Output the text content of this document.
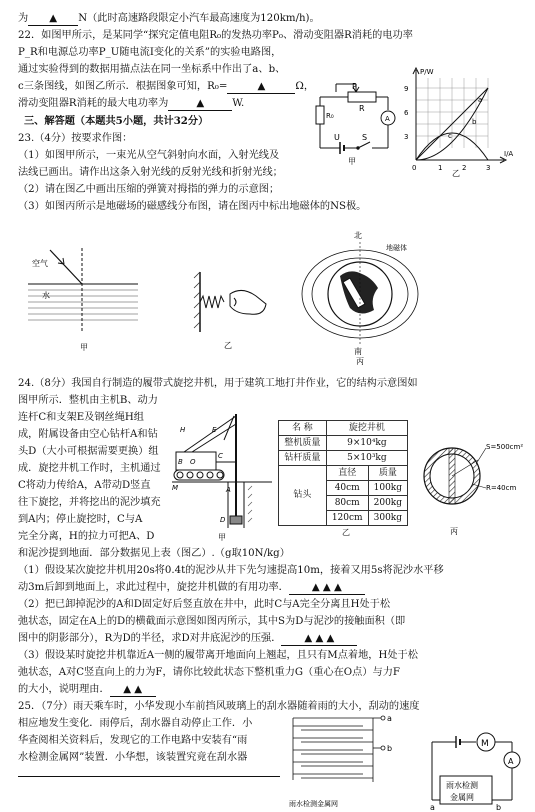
为 ▲ N（此时高速路段限定小汽车最高速度为120km/h)。
22．如图甲所示，是某同学“探究定值电阻R₀的发热功率P₀、滑动变阻器R消耗的电功率
P_R和电源总功率P_U随电流I变化的关系”的实验电路图，
通过实验得到的数据用描点法在同一坐标系中作出了a、b、
c三条图线，如图乙所示．根据图象可知，R₀=	▲	Ω，
滑动变阻器R消耗的最大电功率为	▲	W.
三、解答题（本题共5小题，共计32分）
23.（4分）按要求作图：
（1）如图甲所示，一束光从空气斜射向水面，入射光线及
法线已画出。请作出这条入射光线的反射光线和折射光线；
（2）请在图乙中画出压缩的弹簧对拇指的弹力的示意图；
（3）如图丙所示是地磁场的磁感线分布图，请在图丙中标出地磁体的NS极。
24.（8分）我国自行制造的履带式旋挖井机，用于建筑工地打井作业，它的结构示意图如
图甲所示．整机由主机B、动力
连杆C和支架E及钢丝绳H组
成，附属设备由空心钻杆A和钻
头D（大小可根据需要更换）组
成．旋挖井机工作时，主机通过
C将动力传给A，A带动D竖直
往下旋挖，并将挖出的泥沙填充
到A内；停止旋挖时，C与A
完全分离，H的拉力可把A、D
和泥沙提到地面．部分数据见上表（图乙）.（g取10N/kg）
（1）假设某次旋挖井机用20s将0.4t的泥沙从井下先匀速提高10m，接着又用5s将泥沙水平移
动3m后卸到地面上，求此过程中，旋挖井机做的有用功率． ▲ ▲ ▲
（2）把已卸掉泥沙的A和D固定好后竖直放在井中，此时C与A完全分离且H处于松
弛状态，固定在A上的D的横截面示意图如图丙所示，其中S为D与泥沙的接触面积（即
图中的阴影部分），R为D的半径，求D对井底泥沙的压强． ▲ ▲ ▲
（3）假设某时旋挖井机靠近A一侧的履带离开地面向上翘起，且只有M点着地，H处于松
弛状态，A对C竖直向上的力为F，请你比较此状态下整机重力G（重心在O点）与力F
的大小，说明理由． ▲ ▲
25．（7分）雨天乘车时，小华发现小车前挡风玻璃上的刮水器随着雨的大小，刮动的速度
相应地发生变化．雨停后，刮水器自动停止工作．小
华查阅相关资料后，发现它的工作电路中安装有“雨
水检测金属网”装置．小华想，该装置究竟在刮水器
P
R
R₀	A
U	S
甲
P/W
I/A
9
6
3
0	1	2	3
a
b
c
乙
空气
水
甲	乙
北
南
地磁体
丙
H	E
B O
C
A
M
D
甲
名 称	旋挖井机	
整机质量	9×10⁴kg	
钻杆质量	5×10³kg	
钻头	直径	质量
	40cm	100kg
	80cm	200kg
	120cm	300kg
乙
S=500cm²
R=40cm
丙
a
b
雨水检测金属网
M
A
雨水检测
金属网
a	b
